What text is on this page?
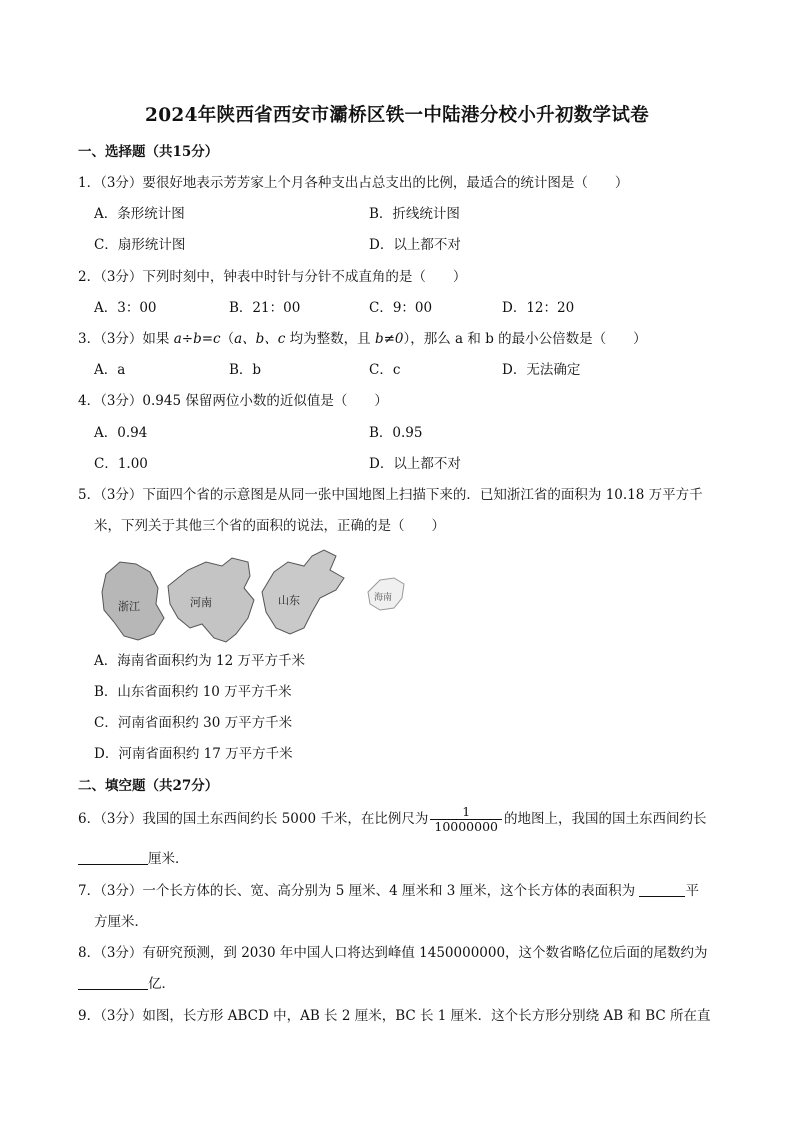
2024年陕西省西安市灞桥区铁一中陆港分校小升初数学试卷
一、选择题（共15分）
1．（3分）要很好地表示芳芳家上个月各种支出占总支出的比例，最适合的统计图是（　　）
A．条形统计图	B．折线统计图
C．扇形统计图	D．以上都不对
2．（3分）下列时刻中，钟表中时针与分针不成直角的是（　　）
A．3：00	B．21：00	C．9：00	D．12：20
3．（3分）如果 a÷b=c（a、b、c 均为整数，且 b≠0），那么 a 和 b 的最小公倍数是（　　）
A．a	B．b	C．c	D．无法确定
4．（3分）0.945 保留两位小数的近似值是（　　）
A．0.94	B．0.95
C．1.00	D．以上都不对
5．（3分）下面四个省的示意图是从同一张中国地图上扫描下来的．已知浙江省的面积为 10.18 万平方千
米，下列关于其他三个省的面积的说法，正确的是（　　）
浙江	河南	山东	海南
A．海南省面积约为 12 万平方千米
B．山东省面积约 10 万平方千米
C．河南省面积约 30 万平方千米
D．河南省面积约 17 万平方千米
二、填空题（共27分）
6．（3分）我国的国土东西间约长 5000 千米，在比例尺为 $\frac{1}{10000000}$ 的地图上，我国的国土东西间约长
厘米．
7．（3分）一个长方体的长、宽、高分别为 5 厘米、4 厘米和 3 厘米，这个长方体的表面积为	平
方厘米．
8．（3分）有研究预测，到 2030 年中国人口将达到峰值 1450000000，这个数省略亿位后面的尾数约为
亿．
9．（3分）如图，长方形 ABCD 中，AB 长 2 厘米，BC 长 1 厘米．这个长方形分别绕 AB 和 BC 所在直
